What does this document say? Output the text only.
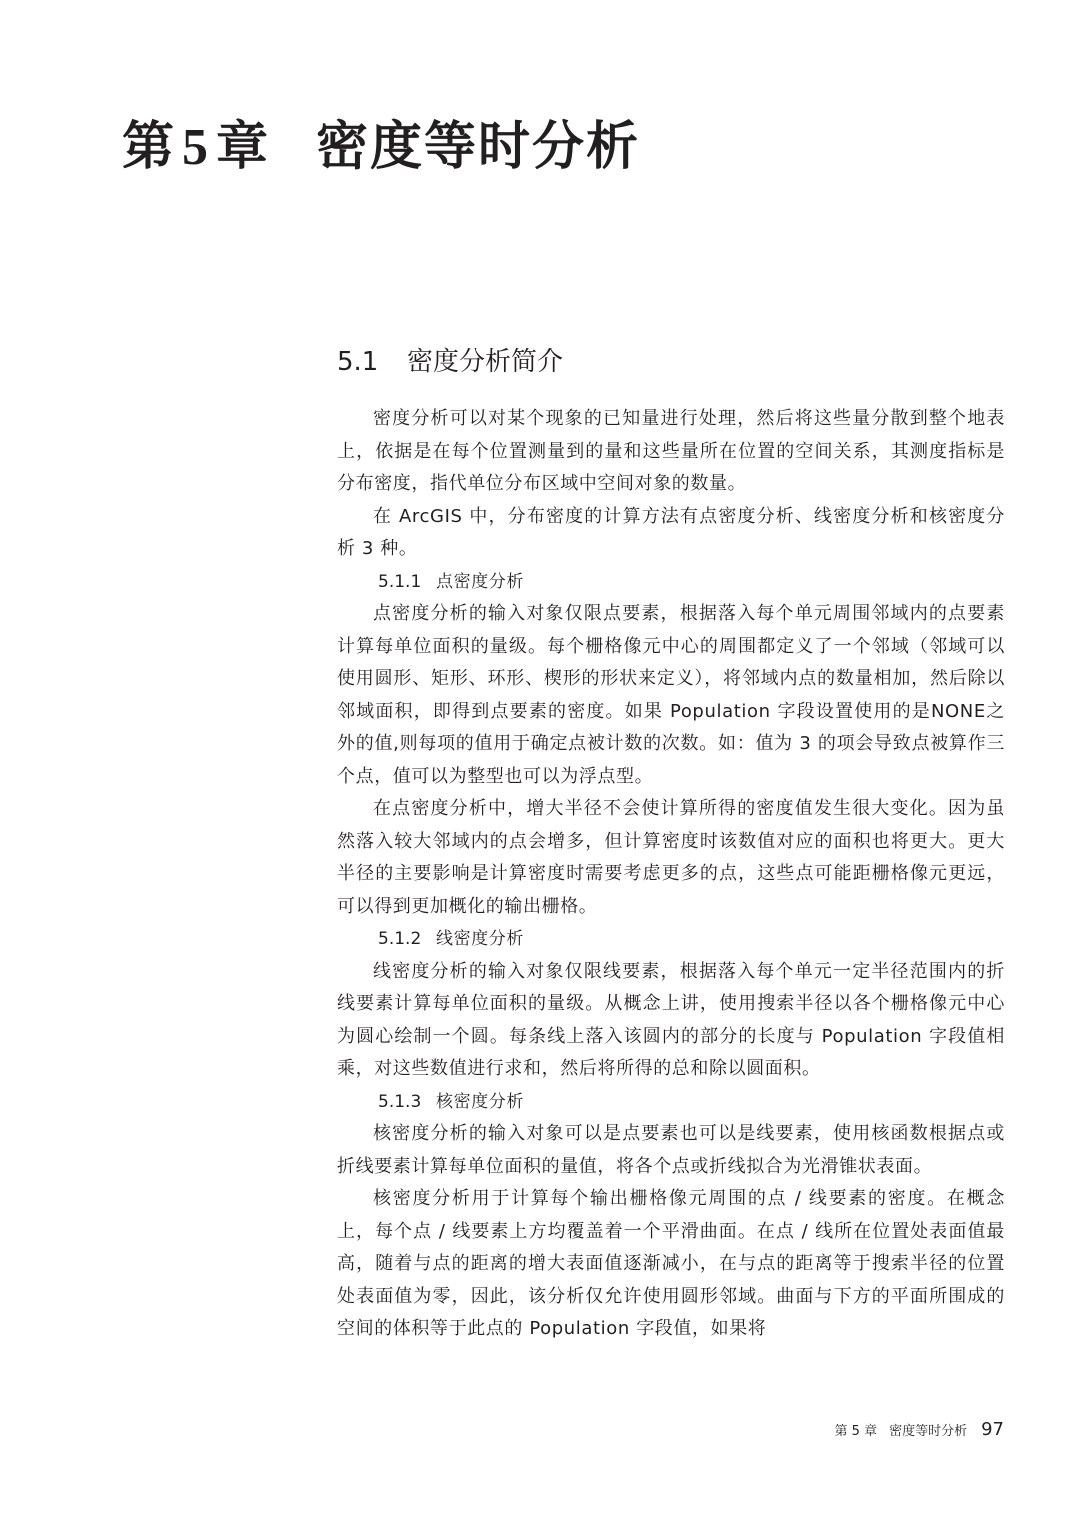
第 5 章 密度等时分析
5.1 密度分析简介

密度分析可以对某个现象的已知量进行处理，然后将这些量分散到整个地表上，依据是在每个位置测量到的量和这些量所在位置的空间关系，其测度指标是分布密度，指代单位分布区域中空间对象的数量。

在 ArcGIS 中，分布密度的计算方法有点密度分析、线密度分析和核密度分析 3 种。

5.1.1 点密度分析

点密度分析的输入对象仅限点要素，根据落入每个单元周围邻域内的点要素计算每单位面积的量级。每个栅格像元中心的周围都定义了一个邻域（邻域可以使用圆形、矩形、环形、楔形的形状来定义），将邻域内点的数量相加，然后除以邻域面积，即得到点要素的密度。如果 Population 字段设置使用的是NONE之外的值,则每项的值用于确定点被计数的次数。如：值为 3 的项会导致点被算作三个点，值可以为整型也可以为浮点型。

在点密度分析中，增大半径不会使计算所得的密度值发生很大变化。因为虽然落入较大邻域内的点会增多，但计算密度时该数值对应的面积也将更大。更大半径的主要影响是计算密度时需要考虑更多的点，这些点可能距栅格像元更远，可以得到更加概化的输出栅格。

5.1.2 线密度分析

线密度分析的输入对象仅限线要素，根据落入每个单元一定半径范围内的折线要素计算每单位面积的量级。从概念上讲，使用搜索半径以各个栅格像元中心为圆心绘制一个圆。每条线上落入该圆内的部分的长度与 Population 字段值相乘，对这些数值进行求和，然后将所得的总和除以圆面积。

5.1.3 核密度分析

核密度分析的输入对象可以是点要素也可以是线要素，使用核函数根据点或折线要素计算每单位面积的量值，将各个点或折线拟合为光滑锥状表面。

核密度分析用于计算每个输出栅格像元周围的点 / 线要素的密度。在概念上，每个点 / 线要素上方均覆盖着一个平滑曲面。在点 / 线所在位置处表面值最高，随着与点的距离的增大表面值逐渐减小，在与点的距离等于搜索半径的位置处表面值为零，因此，该分析仅允许使用圆形邻域。曲面与下方的平面所围成的空间的体积等于此点的 Population 字段值，如果将

第 5 章 密度等时分析 97
